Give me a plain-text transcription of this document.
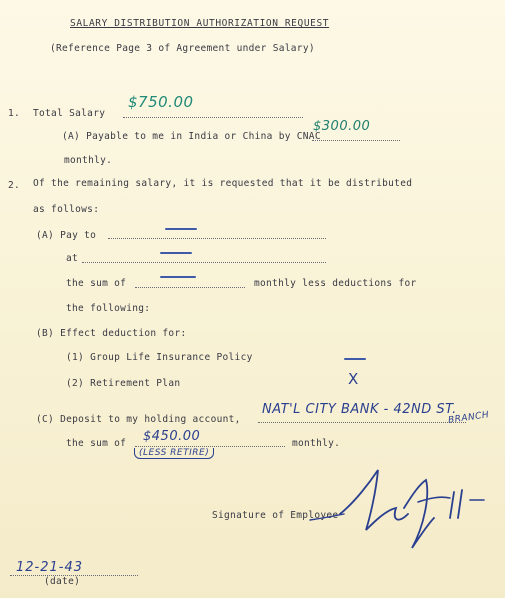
SALARY DISTRIBUTION AUTHORIZATION REQUEST
(Reference Page 3 of Agreement under Salary)
1. Total Salary
$750.00
(A) Payable to me in India or China by CNAC
$300.00
monthly.
2. Of the remaining salary, it is requested that it be distributed
as follows:
(A) Pay to
at
the sum of	monthly less deductions for
the following:
(B) Effect deduction for:
(1) Group Life Insurance Policy
(2) Retirement Plan	X
(C) Deposit to my holding account,
NAT'L CITY BANK - 42ND ST.
BRANCH
the sum of $450.00
(LESS RETIRE)
monthly.
Signature of Employee
12-21-43
(date)
